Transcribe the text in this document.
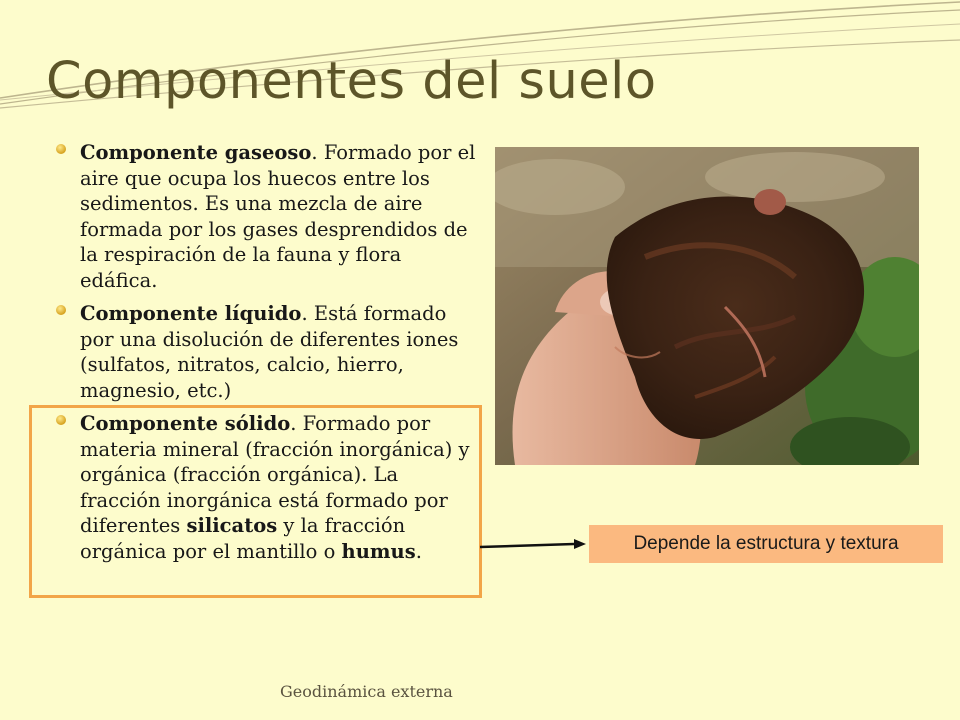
Componentes del suelo
Componente gaseoso. Formado por el aire que ocupa los huecos entre los sedimentos. Es una mezcla de aire formada por los gases desprendidos de la respiración de la fauna y flora edáfica.
Componente líquido. Está formado por una disolución de diferentes iones (sulfatos, nitratos, calcio, hierro, magnesio, etc.)
Componente sólido. Formado por materia mineral (fracción inorgánica) y orgánica (fracción orgánica). La fracción inorgánica está formado por diferentes silicatos y la fracción orgánica por el mantillo o humus.	Depende la estructura y textura
Geodinámica externa
